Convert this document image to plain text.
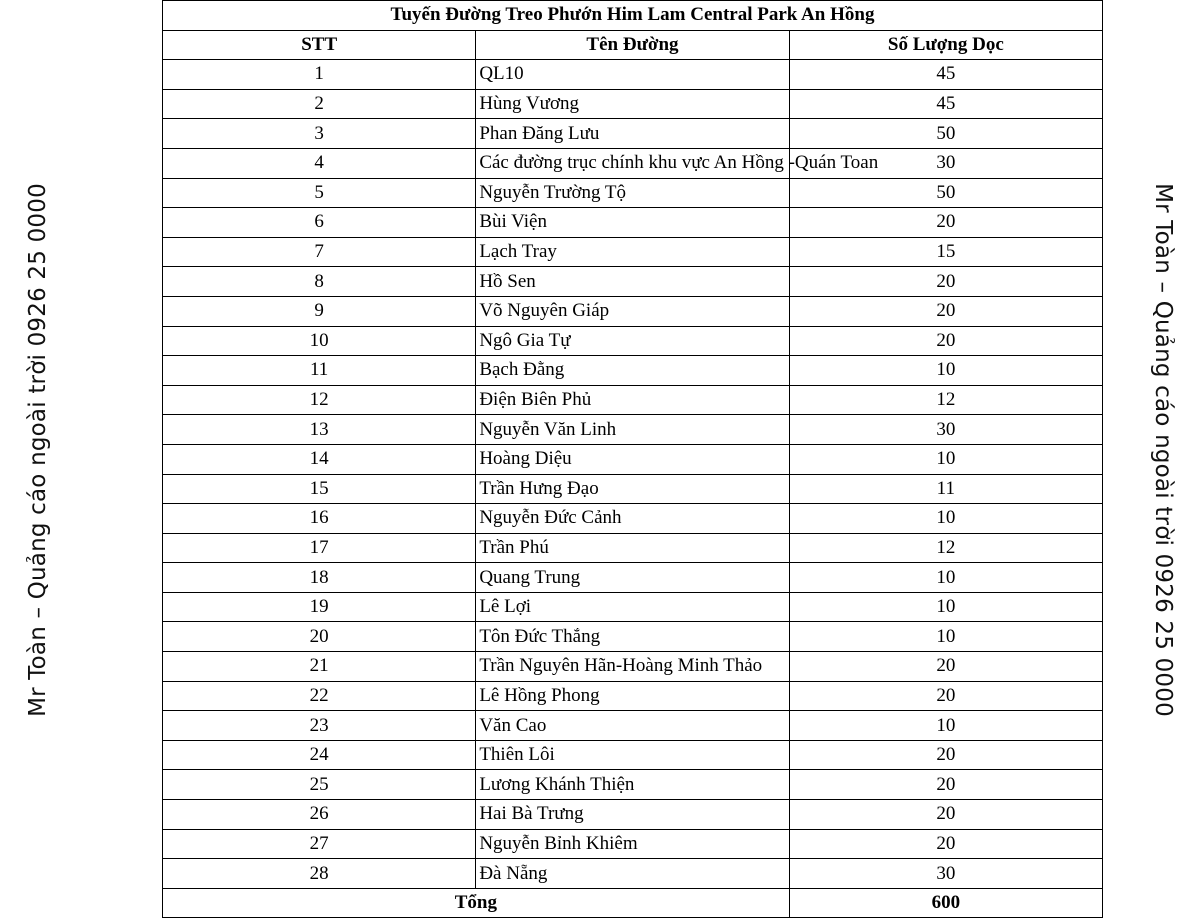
Mr Toàn – Quảng cáo ngoài trời 0926 25 0000	Mr Toàn – Quảng cáo ngoài trời 0926 25 0000
Tuyến Đường Treo Phướn Him Lam Central Park An Hồng		
STT	Tên Đường	Số Lượng Dọc
1	QL10	45
2	Hùng Vương	45
3	Phan Đăng Lưu	50
4	Các đường trục chính khu vực An Hồng -Quán Toan	30
5	Nguyễn Trường Tộ	50
6	Bùi Viện	20
7	Lạch Tray	15
8	Hồ Sen	20
9	Võ Nguyên Giáp	20
10	Ngô Gia Tự	20
11	Bạch Đằng	10
12	Điện Biên Phủ	12
13	Nguyễn Văn Linh	30
14	Hoàng Diệu	10
15	Trần Hưng Đạo	11
16	Nguyễn Đức Cảnh	10
17	Trần Phú	12
18	Quang Trung	10
19	Lê Lợi	10
20	Tôn Đức Thắng	10
21	Trần Nguyên Hãn-Hoàng Minh Thảo	20
22	Lê Hồng Phong	20
23	Văn Cao	10
24	Thiên Lôi	20
25	Lương Khánh Thiện	20
26	Hai Bà Trưng	20
27	Nguyễn Bỉnh Khiêm	20
28	Đà Nẵng	30
Tổng		600
